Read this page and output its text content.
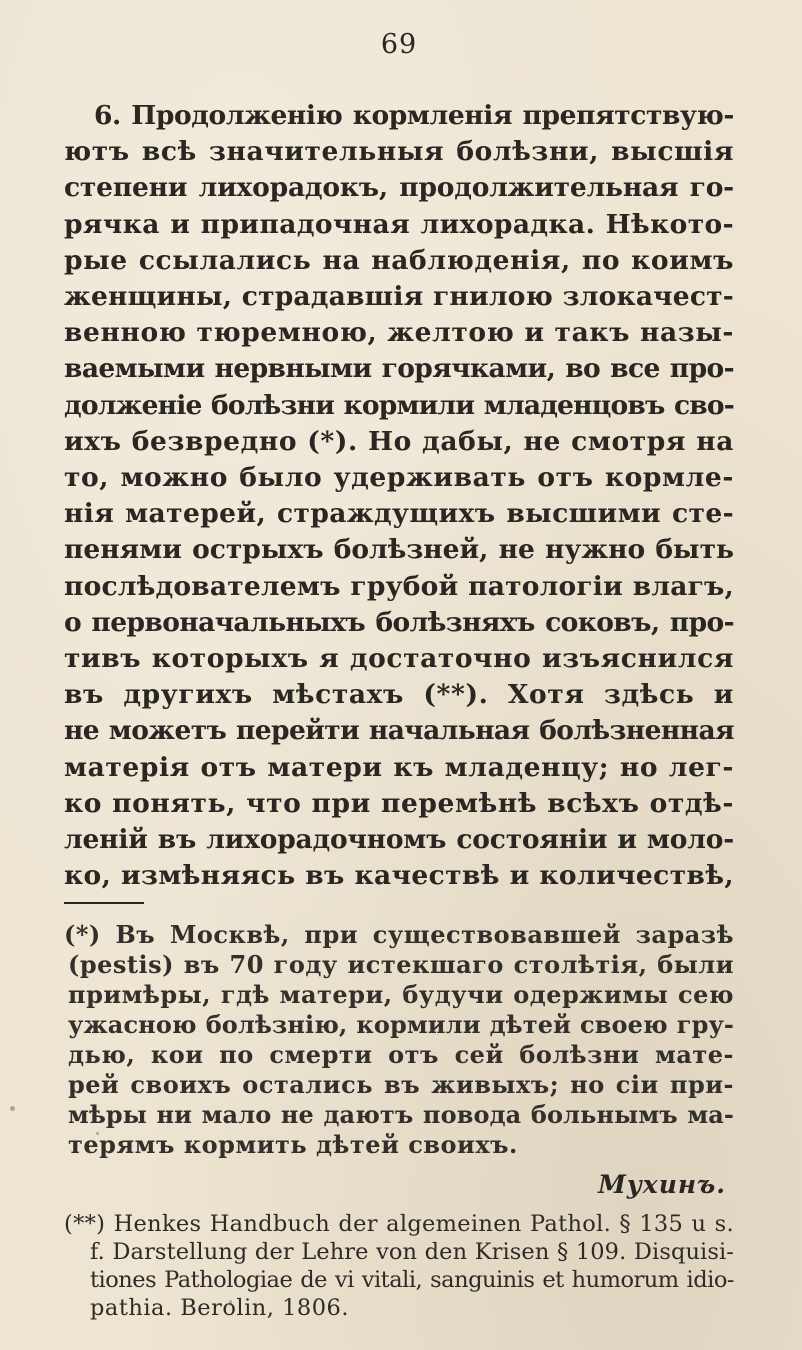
69
6. Продолженію кормленія препятствую-
ютъ всѣ значительныя болѣзни, высшія
степени лихорадокъ, продолжительная го-
рячка и припадочная лихорадка. Нѣкото-
рые ссылались на наблюденія, по коимъ
женщины, страдавшія гнилою злокачест-
венною тюремною, желтою и такъ назы-
ваемыми нервными горячками, во все про-
долженіе болѣзни кормили младенцовъ сво-
ихъ безвредно (*). Но дабы, не смотря на
то, можно было удерживать отъ кормле-
нія матерей, страждущихъ высшими сте-
пенями острыхъ болѣзней, не нужно быть
послѣдователемъ грубой патологіи влагъ,
о первоначальныхъ болѣзняхъ соковъ, про-
тивъ которыхъ я достаточно изъяснился
въ другихъ мѣстахъ (**). Хотя здѣсь и
не можетъ перейти начальная болѣзненная
матерія отъ матери къ младенцу; но лег-
ко понять, что при перемѣнѣ всѣхъ отдѣ-
леній въ лихорадочномъ состояніи и моло-
ко, измѣняясь въ качествѣ и количествѣ,
(*) Въ Москвѣ, при существовавшей заразѣ
(pestis) въ 70 году истекшаго столѣтія, были
примѣры, гдѣ матери, будучи одержимы сею
ужасною болѣзнію, кормили дѣтей своею гру-
дью, кои по смерти отъ сей болѣзни мате-
рей своихъ остались въ живыхъ; но сіи при-
мѣры ни мало не даютъ повода больнымъ ма-
терямъ кормить дѣтей своихъ.
Мухинъ.
(**) Henkes Handbuch der algemeinen Pathol. § 135 u s.
f. Darstellung der Lehre von den Krisen § 109. Disquisi-
tiones Pathologiae de vi vitali, sanguinis et humorum idio-
pathia. Berolin, 1806.
